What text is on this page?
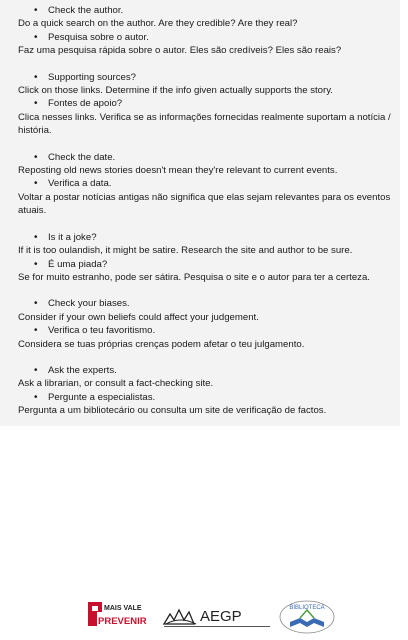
• Check the author.
Do a quick search on the author. Are they credible? Are they real?
• Pesquisa sobre o autor.
Faz uma pesquisa rápida sobre o autor. Eles são credíveis? Eles são reais?
• Supporting sources?
Click on those links. Determine if the info given actually supports the story.
• Fontes de apoio?
Clica nesses links. Verifica se as informações fornecidas realmente suportam a notícia / história.
• Check the date.
Reposting old news stories doesn't mean they're relevant to current events.
• Verifica a data.
Voltar a postar notícias antigas não significa que elas sejam relevantes para os eventos atuais.
• Is it a joke?
If it is too oulandish, it might be satire. Research the site and author to be sure.
• É uma piada?
Se for muito estranho, pode ser sátira. Pesquisa o site e o autor para ter a certeza.
• Check your biases.
Consider if your own beliefs could affect your judgement.
• Verifica o teu favoritismo.
Considera se tuas próprias crenças podem afetar o teu julgamento.
• Ask the experts.
Ask a librarian, or consult a fact-checking site.
• Pergunte a especialistas.
Pergunta a um bibliotecário ou consulta um site de verificação de factos.
MAIS VALE
PREVENIR	AEGP	BIBLIOTECA
